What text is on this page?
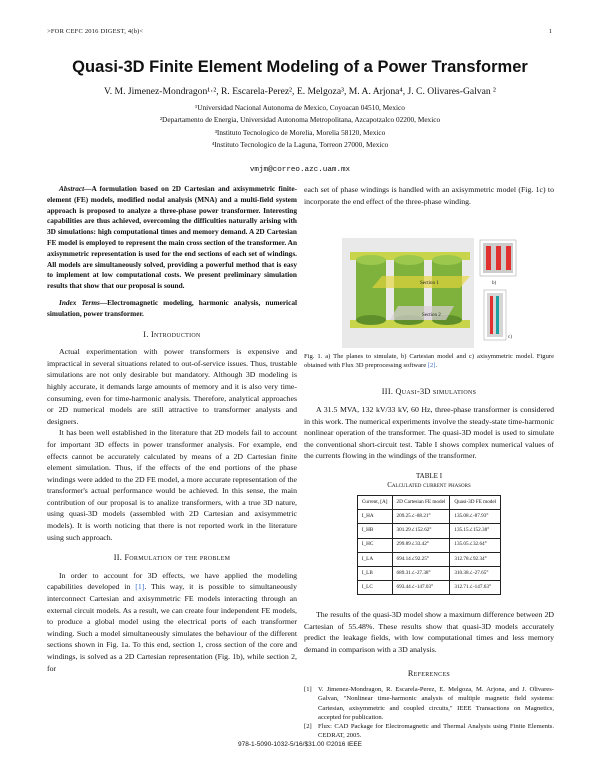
>FOR CEFC 2016 DIGEST, 4(b)<	1
Quasi-3D Finite Element Modeling of a Power Transformer
V. M. Jimenez-Mondragon¹·², R. Escarela-Perez², E. Melgoza³, M. A. Arjona⁴, J. C. Olivares-Galvan ²
¹Universidad Nacional Autonoma de Mexico, Coyoacan 04510, Mexico
²Departamento de Energia, Universidad Autonoma Metropolitana, Azcapotzalco 02200, Mexico
³Instituto Tecnologico de Morelia, Morelia 58120, Mexico
⁴Instituto Tecnologico de la Laguna, Torreon 27000, Mexico
vmjm@correo.azc.uam.mx

Abstract—A formulation based on 2D Cartesian and axisymmetric finite-element (FE) models, modified nodal analysis (MNA) and a multi-field system approach is proposed to analyze a three-phase power transformer. Interesting capabilities are thus achieved, overcoming the difficulties naturally arising with 3D simulations: high computational times and memory demand. A 2D Cartesian FE model is employed to represent the main cross section of the transformer. An axisymmetric representation is used for the end sections of each set of windings. All models are simultaneously solved, providing a powerful method that is easy to implement at low computational costs. We present preliminary simulation results that show that our proposal is sound.

Index Terms—Electromagnetic modeling, harmonic analysis, numerical simulation, power transformer.

I. Introduction

Actual experimentation with power transformers is expensive and impractical in several situations related to out-of-service issues. Thus, trustable simulations are not only desirable but mandatory. Although 3D modeling is highly accurate, it demands large amounts of memory and it is also very time-consuming, even for time-harmonic analysis. Therefore, analytical approaches or 2D numerical models are still attractive to transformer analysts and designers.

It has been well established in the literature that 2D models fail to account for important 3D effects in power transformer analysis. For example, end effects cannot be accurately calculated by means of a 2D Cartesian finite element simulation. Thus, if the effects of the end portions of the phase windings were added to the 2D FE model, a more accurate representation of the transformer's actual performance would be achieved. In this sense, the main contribution of our proposal is to analize transformers, with a true 3D nature, using quasi-3D models (assembled with 2D Cartesian and axisymmetric models). It is worth noticing that there is not reported work in the literature using such approach.

II. Formulation of the problem

In order to account for 3D effects, we have applied the modeling capabilities developed in [1]. This way, it is possible to simultaneously interconnect Cartesian and axisymmetric FE models interacting through an external circuit models. As a result, we can create four independent FE models, to produce a global model using the electrical ports of each transformer winding. Such a model simultaneously simulates the behaviour of the different sections shown in Fig. 1a. To this end, section 1, cross section of the core and windings, is solved as a 2D Cartesian representation (Fig. 1b), while section 2, for

each set of phase windings is handled with an axisymmetric model (Fig. 1c) to incorporate the end effect of the three-phase winding.

Section 1
Section 2
b)
c)
Fig. 1. a) The planes to simulate, b) Cartesian model and c) axisymmetric model. Figure obtained with Flux 3D preprocessing software [2].
III. Quasi-3D simulations

A 31.5 MVA, 132 kV/33 kV, 60 Hz, three-phase transformer is considered in this work. The numerical experiments involve the steady-state time-harmonic nonlinear operation of the transformer. The quasi-3D model is used to simulate the conventional short-circuit test. Table I shows complex numerical values of the currents flowing in the windings of the transformer.

TABLE I
Calculated current phasors
Current, [A]	2D Cartesian FE model	Quasi-3D FE model
I_HA	209.25∠-88.21°	135.08∠-87.93°
I_HB	301.29∠152.62°	135.15∠152.38°
I_HC	299.89∠33.42°	135.05∠32.64°
I_LA	694.14∠92.25°	312.78∠92.34°
I_LB	689.31∠-27.38°	310.38∠-27.65°
I_LC	693.44∠-147.03°	312.71∠-147.63°

The results of the quasi-3D model show a maximum difference between 2D Cartesian of 55.48%. These results show that quasi-3D models accurately predict the leakage fields, with low computational times and less memory demand in comparison with a 3D analysis.

References
[1] V. Jimenez-Mondragon, R. Escarela-Perez, E. Melgoza, M. Arjona, and J. Olivares-Galvan, "Nonlinear time-harmonic analysis of multiple magnetic field systems: Cartesian, axisymmetric and coupled circuits," IEEE Transactions on Magnetics, accepted for publication.
[2] Flux: CAD Package for Electromagnetic and Thermal Analysis using Finite Elements. CEDRAT, 2005.
978-1-5090-1032-5/16/$31.00 ©2016 IEEE
